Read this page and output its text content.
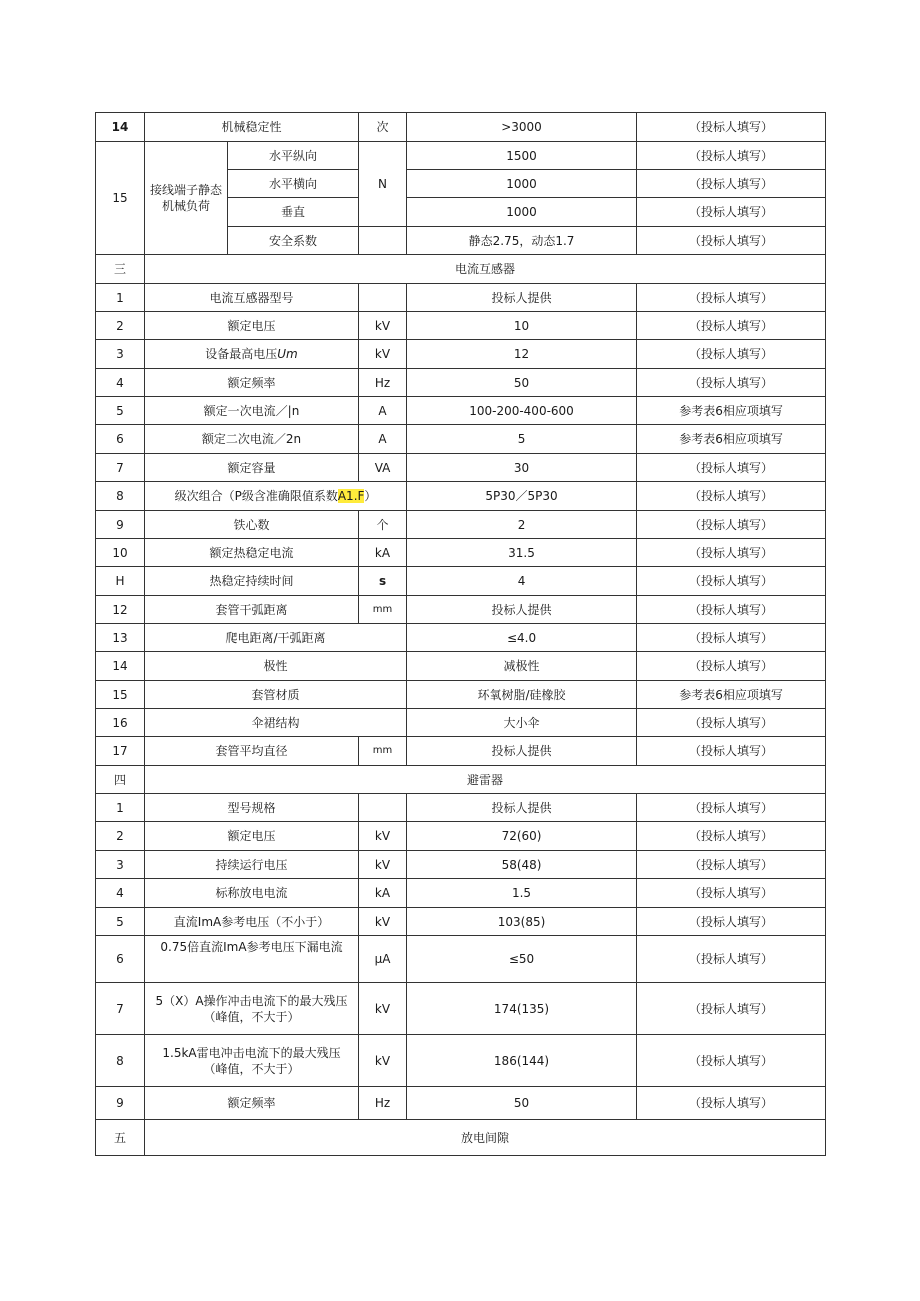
14	机械稳定性		次	>3000	（投标人填写）
15	接线端子静态机械负荷	水平纵向	N	1500	（投标人填写）
		水平横向		1000	（投标人填写）
		垂直		1000	（投标人填写）
		安全系数		静态2.75，动态1.7	（投标人填写）
三	电流互感器				
1	电流互感器型号			投标人提供	（投标人填写）
2	额定电压		kV	10	（投标人填写）
3	设备最高电压Um		kV	12	（投标人填写）
4	额定频率		Hz	50	（投标人填写）
5	额定一次电流／|n		A	100-200-400-600	参考表6相应项填写
6	额定二次电流／2n		A	5	参考表6相应项填写
7	额定容量		VA	30	（投标人填写）
8	级次组合（P级含准确限值系数A1.F）			5P30／5P30	（投标人填写）
9	铁心数		个	2	（投标人填写）
10	额定热稳定电流		kA	31.5	（投标人填写）
H	热稳定持续时间		s	4	（投标人填写）
12	套管干弧距离		mm	投标人提供	（投标人填写）
13	爬电距离/干弧距离			≤4.0	（投标人填写）
14	极性			减极性	（投标人填写）
15	套管材质			环氧树脂/硅橡胶	参考表6相应项填写
16	伞裙结构			大小伞	（投标人填写）
17	套管平均直径		mm	投标人提供	（投标人填写）
四	避雷器				
1	型号规格			投标人提供	（投标人填写）
2	额定电压		kV	72(60)	（投标人填写）
3	持续运行电压		kV	58(48)	（投标人填写）
4	标称放电电流		kA	1.5	（投标人填写）
5	直流ImA参考电压（不小于）		kV	103(85)	（投标人填写）
6	0.75倍直流ImA参考电压下漏电流		μA	≤50	（投标人填写）
7	5（X）A操作冲击电流下的最大残压
（峰值，不大于）		kV	174(135)	（投标人填写）
8	1.5kA雷电冲击电流下的最大残压
（峰值，不大于）		kV	186(144)	（投标人填写）
9	额定频率		Hz	50	（投标人填写）
五	放电间隙				
